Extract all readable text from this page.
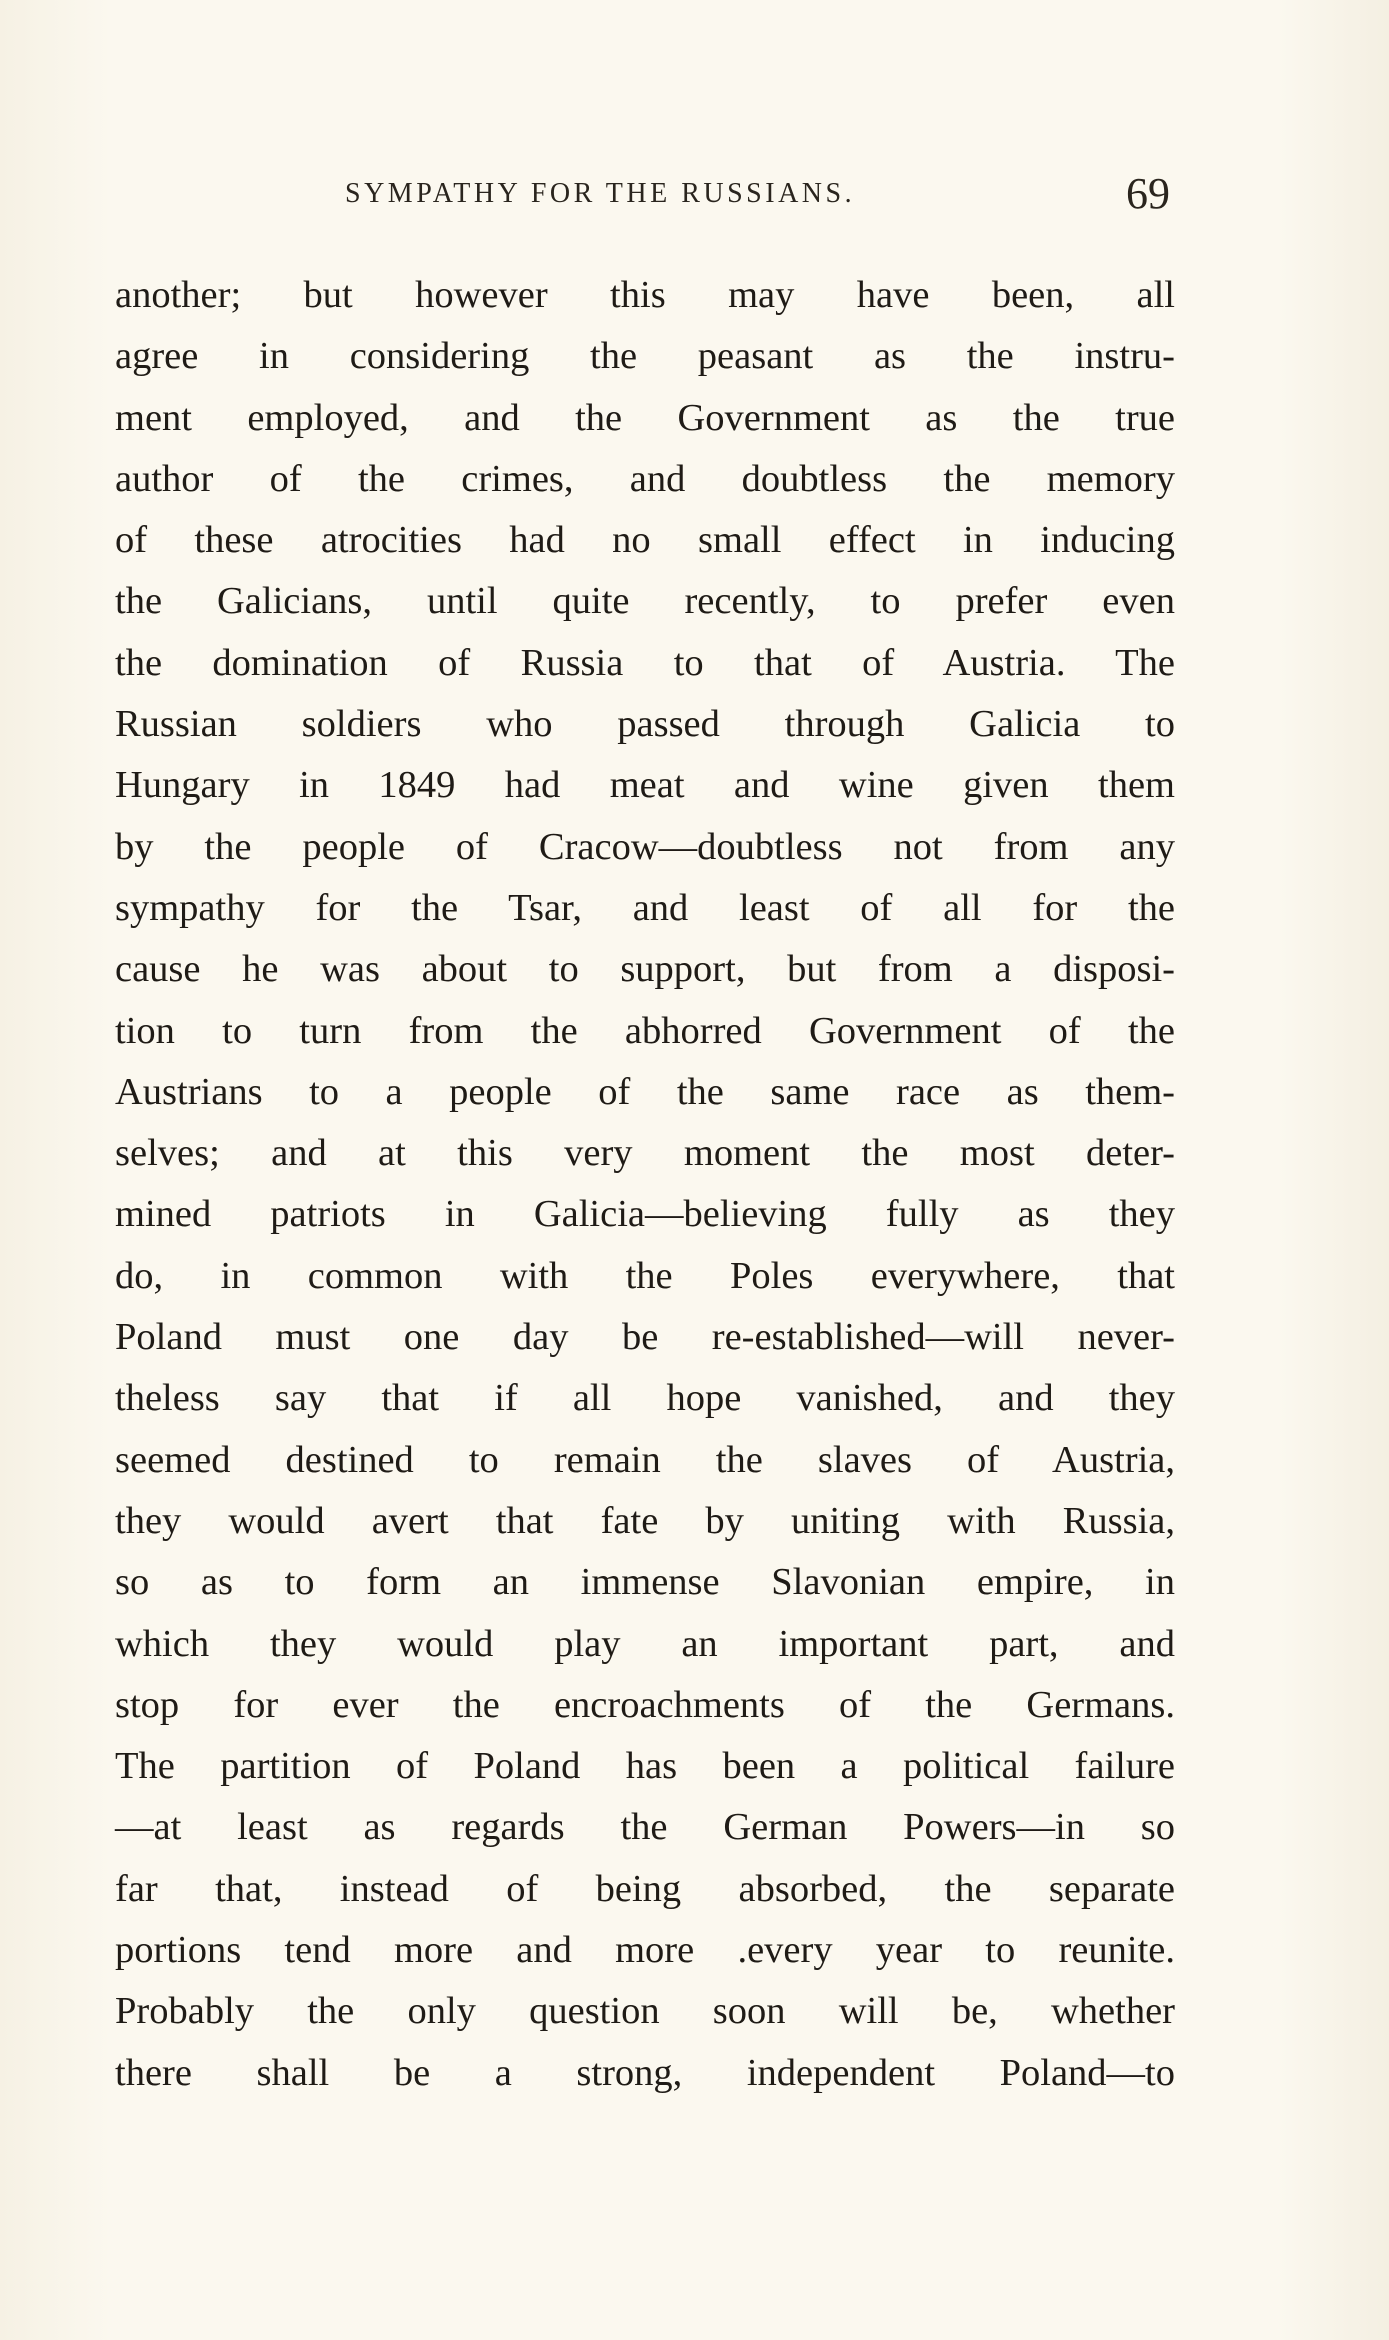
SYMPATHY FOR THE RUSSIANS.	69
another; but however this may have been, all
agree in considering the peasant as the instru-
ment employed, and the Government as the true
author of the crimes, and doubtless the memory
of these atrocities had no small effect in inducing
the Galicians, until quite recently, to prefer even
the domination of Russia to that of Austria. The
Russian soldiers who passed through Galicia to
Hungary in 1849 had meat and wine given them
by the people of Cracow—doubtless not from any
sympathy for the Tsar, and least of all for the
cause he was about to support, but from a disposi-
tion to turn from the abhorred Government of the
Austrians to a people of the same race as them-
selves; and at this very moment the most deter-
mined patriots in Galicia—believing fully as they
do, in common with the Poles everywhere, that
Poland must one day be re-established—will never-
theless say that if all hope vanished, and they
seemed destined to remain the slaves of Austria,
they would avert that fate by uniting with Russia,
so as to form an immense Slavonian empire, in
which they would play an important part, and
stop for ever the encroachments of the Germans.
The partition of Poland has been a political failure
—at least as regards the German Powers—in so
far that, instead of being absorbed, the separate
portions tend more and more .every year to reunite.
Probably the only question soon will be, whether
there shall be a strong, independent Poland—to
